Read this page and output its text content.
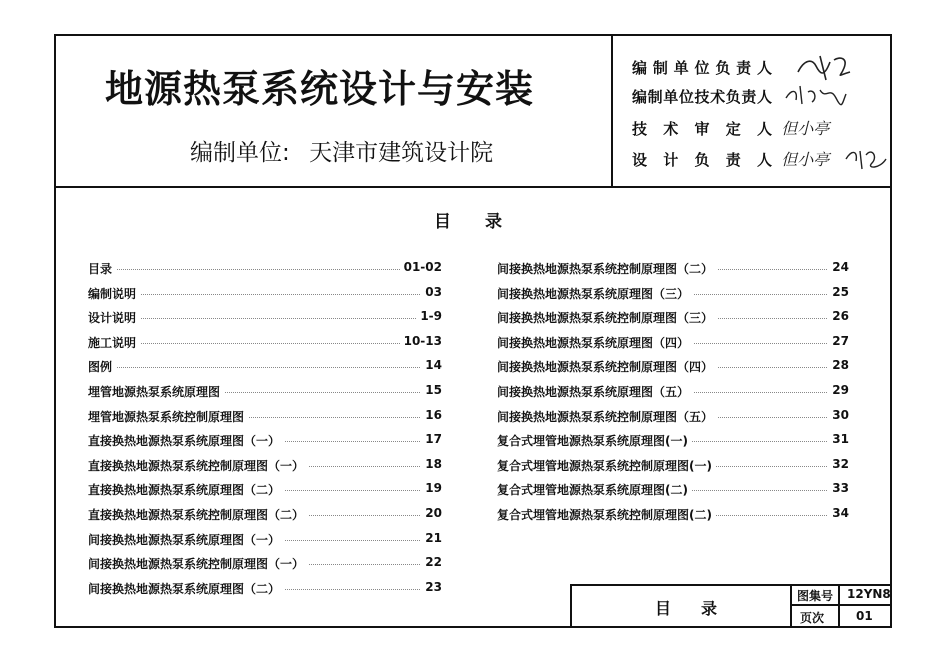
地源热泵系统设计与安装
编制单位: 天津市建筑设计院
编制单位负责人
编制单位技术负责人
技术审定人 但小亭
设计负责人 但小亭
目录
目录	01-02
编制说明	03
设计说明	1-9
施工说明	10-13
图例	14
埋管地源热泵系统原理图	15
埋管地源热泵系统控制原理图	16
直接换热地源热泵系统原理图（一）	17
直接换热地源热泵系统控制原理图（一）	18
直接换热地源热泵系统原理图（二）	19
直接换热地源热泵系统控制原理图（二）	20
间接换热地源热泵系统原理图（一）	21
间接换热地源热泵系统控制原理图（一）	22
间接换热地源热泵系统原理图（二）	23
间接换热地源热泵系统控制原理图（二）	24
间接换热地源热泵系统原理图（三）	25
间接换热地源热泵系统控制原理图（三）	26
间接换热地源热泵系统原理图（四）	27
间接换热地源热泵系统控制原理图（四）	28
间接换热地源热泵系统原理图（五）	29
间接换热地源热泵系统控制原理图（五）	30
复合式埋管地源热泵系统原理图(一)	31
复合式埋管地源热泵系统控制原理图(一)	32
复合式埋管地源热泵系统原理图(二)	33
复合式埋管地源热泵系统控制原理图(二)	34
目录
图集号 12YN8
页次	01
